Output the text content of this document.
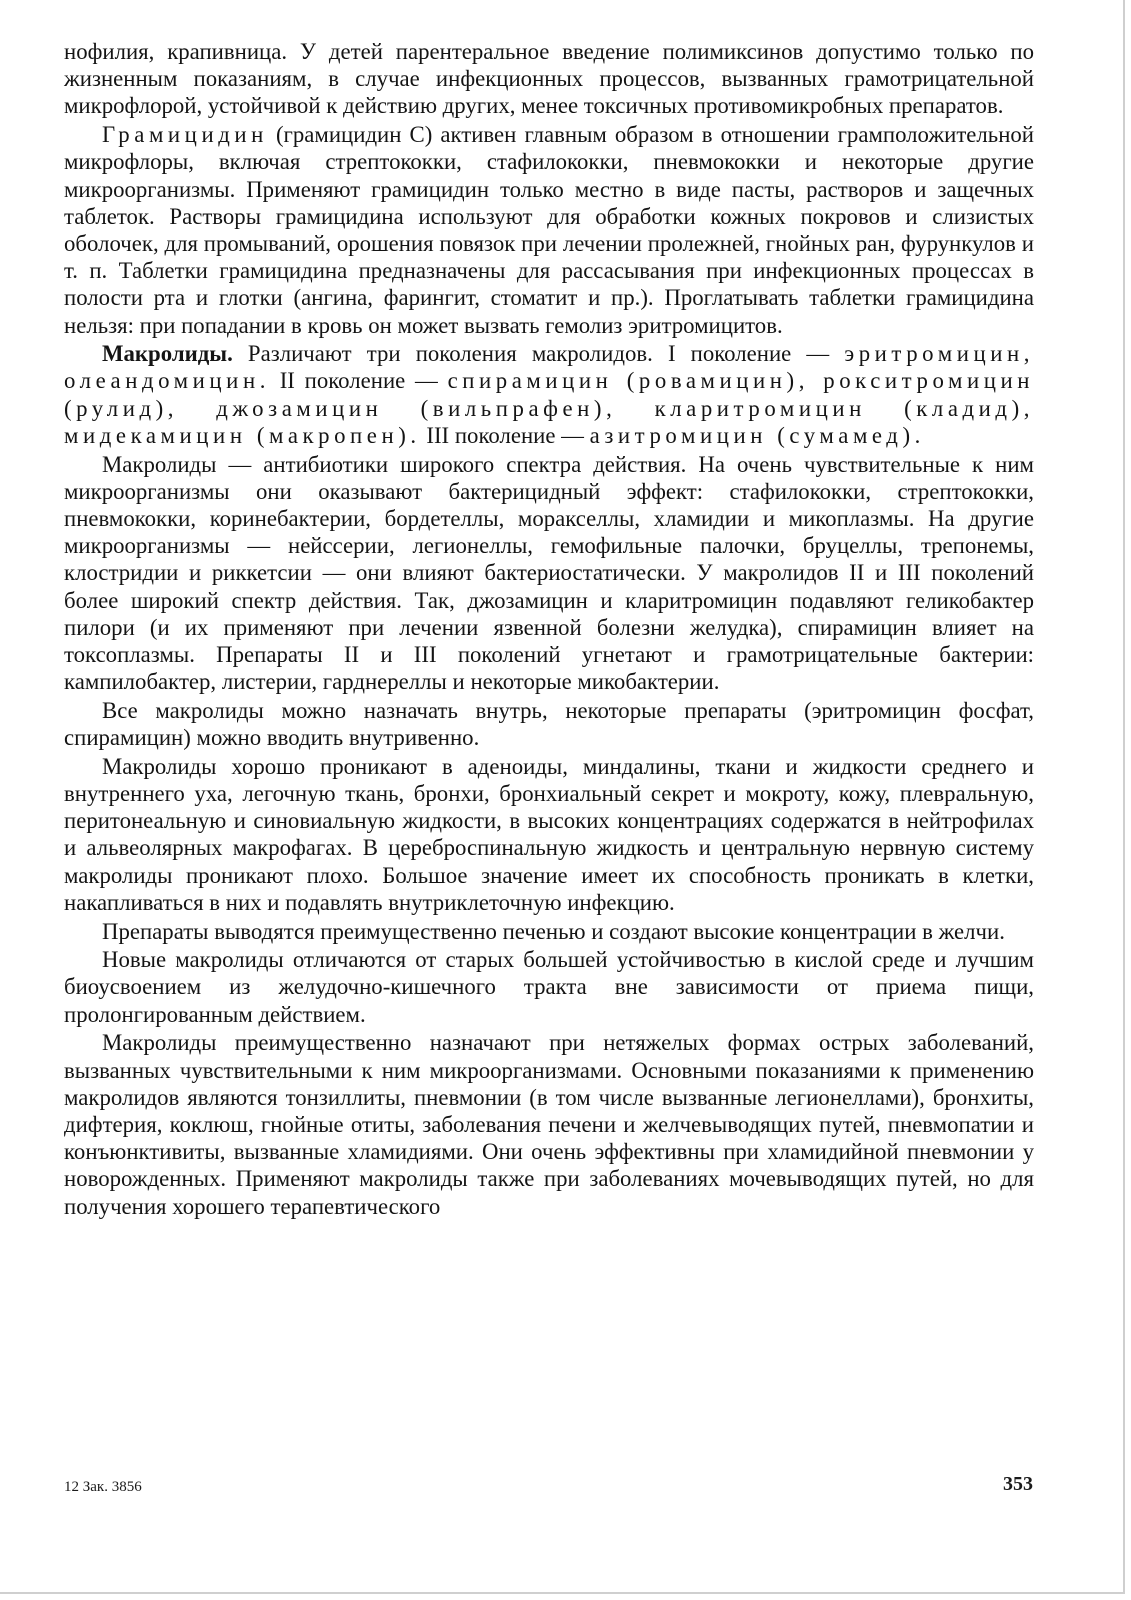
нофилия, крапивница. У детей парентеральное введение полимиксинов допустимо только по жизненным показаниям, в случае инфекционных процессов, вызванных грамотрицательной микрофлорой, устойчивой к действию других, менее токсичных противомикробных препаратов.

Грамицидин (грамицидин С) активен главным образом в отношении грамположительной микрофлоры, включая стрептококки, стафилококки, пневмококки и некоторые другие микроорганизмы. Применяют грамицидин только местно в виде пасты, растворов и защечных таблеток. Растворы грамицидина используют для обработки кожных покровов и слизистых оболочек, для промываний, орошения повязок при лечении пролежней, гнойных ран, фурункулов и т. п. Таблетки грамицидина предназначены для рассасывания при инфекционных процессах в полости рта и глотки (ангина, фарингит, стоматит и пр.). Проглатывать таблетки грамицидина нельзя: при попадании в кровь он может вызвать гемолиз эритромицитов.

Макролиды. Различают три поколения макролидов. I поколение — эритромицин, олеандомицин. II поколение — спирамицин (ровамицин), рокситромицин (рулид), джозамицин (вильпрафен), кларитромицин (кладид), мидекамицин (макропен). III поколение — азитромицин (сумамед).

Макролиды — антибиотики широкого спектра действия. На очень чувствительные к ним микроорганизмы они оказывают бактерицидный эффект: стафилококки, стрептококки, пневмококки, коринебактерии, бордетеллы, моракселлы, хламидии и микоплазмы. На другие микроорганизмы — нейссерии, легионеллы, гемофильные палочки, бруцеллы, трепонемы, клостридии и риккетсии — они влияют бактериостатически. У макролидов II и III поколений более широкий спектр действия. Так, джозамицин и кларитромицин подавляют геликобактер пилори (и их применяют при лечении язвенной болезни желудка), спирамицин влияет на токсоплазмы. Препараты II и III поколений угнетают и грамотрицательные бактерии: кампилобактер, листерии, гарднереллы и некоторые микобактерии.

Все макролиды можно назначать внутрь, некоторые препараты (эритромицин фосфат, спирамицин) можно вводить внутривенно.

Макролиды хорошо проникают в аденоиды, миндалины, ткани и жидкости среднего и внутреннего уха, легочную ткань, бронхи, бронхиальный секрет и мокроту, кожу, плевральную, перитонеальную и синовиальную жидкости, в высоких концентрациях содержатся в нейтрофилах и альвеолярных макрофагах. В цереброспинальную жидкость и центральную нервную систему макролиды проникают плохо. Большое значение имеет их способность проникать в клетки, накапливаться в них и подавлять внутриклеточную инфекцию.

Препараты выводятся преимущественно печенью и создают высокие концентрации в желчи.

Новые макролиды отличаются от старых большей устойчивостью в кислой среде и лучшим биоусвоением из желудочно-кишечного тракта вне зависимости от приема пищи, пролонгированным действием.

Макролиды преимущественно назначают при нетяжелых формах острых заболеваний, вызванных чувствительными к ним микроорганизмами. Основными показаниями к применению макролидов являются тонзиллиты, пневмонии (в том числе вызванные легионеллами), бронхиты, дифтерия, коклюш, гнойные отиты, заболевания печени и желчевыводящих путей, пневмопатии и конъюнктивиты, вызванные хламидиями. Они очень эффективны при хламидийной пневмонии у новорожденных. Применяют макролиды также при заболеваниях мочевыводящих путей, но для получения хорошего терапевтического

12 Зак. 3856	353
